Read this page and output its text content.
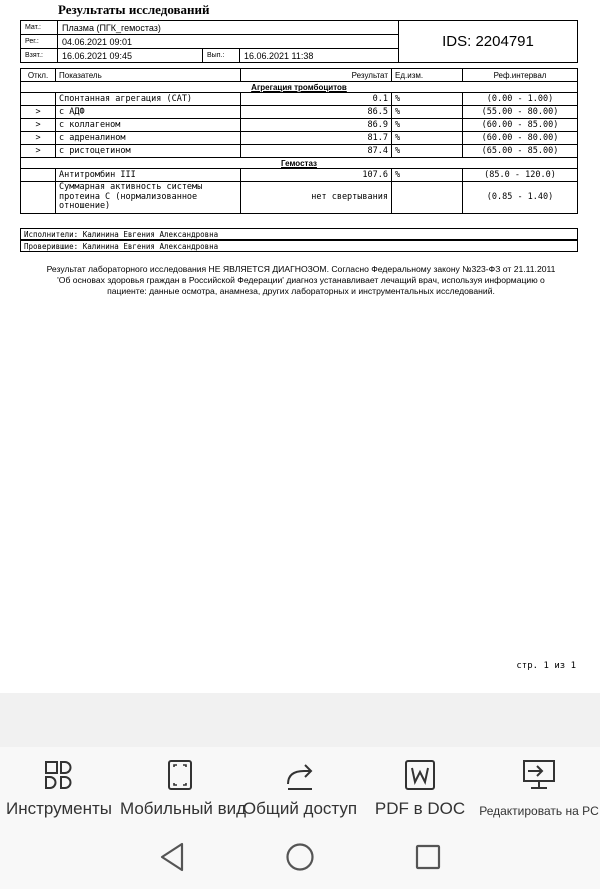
Результаты исследований
Мат.:	Плазма (ПГК_гемостаз)			IDS: 2204791
Рег.:	04.06.2021 09:01			
Взят.:	16.06.2021 09:45	Вып.:	16.06.2021 11:38	
Откл.	Показатель	Результат	Ед.изм.	Реф.интервал
Агрегация тромбоцитов				
	Спонтанная агрегация (САТ)	0.1	%	(0.00 - 1.00)
>	с АДФ	86.5	%	(55.00 - 80.00)
>	с коллагеном	86.9	%	(60.00 - 85.00)
>	с адреналином	81.7	%	(60.00 - 80.00)
>	с ристоцетином	87.4	%	(65.00 - 85.00)
Гемостаз				
	Антитромбин III	107.6	%	(85.0 - 120.0)
	Суммарная активность системы протеина С (нормализованное отношение)	нет свертывания		(0.85 - 1.40)
Исполнители: Калинина Евгения Александровна
Проверившие: Калинина Евгения Александровна
Результат лабораторного исследования НЕ ЯВЛЯЕТСЯ ДИАГНОЗОМ. Согласно Федеральному закону №323-ФЗ от 21.11.2011 'Об основах здоровья граждан в Российской Федерации' диагноз устанавливает лечащий врач, используя информацию о пациенте: данные осмотра, анамнеза, других лабораторных и инструментальных исследований.
стр. 1 из 1
Инструменты Мобильный вид
Общий доступ	PDF в DOC	Редактировать на PC
